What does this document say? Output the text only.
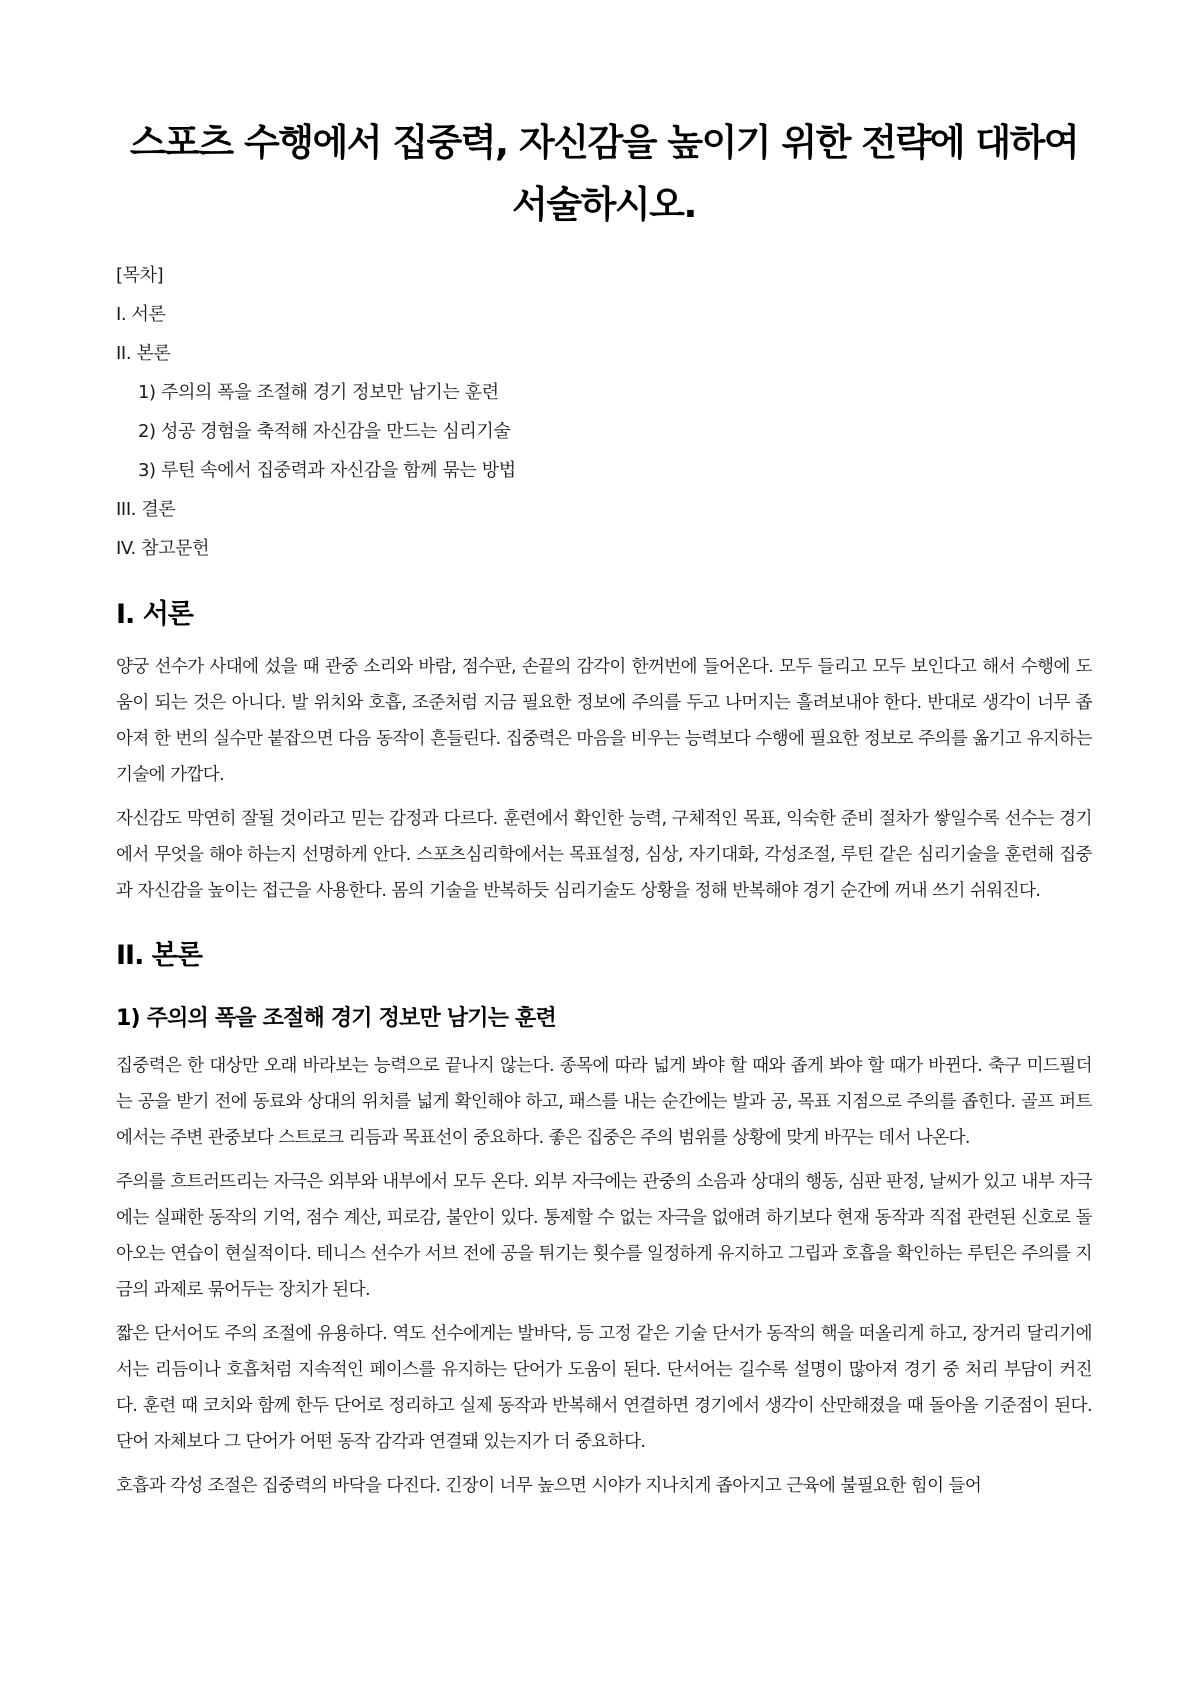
스포츠 수행에서 집중력, 자신감을 높이기 위한 전략에 대하여 서술하시오.
[목차]
I. 서론
II. 본론
1) 주의의 폭을 조절해 경기 정보만 남기는 훈련
2) 성공 경험을 축적해 자신감을 만드는 심리기술
3) 루틴 속에서 집중력과 자신감을 함께 묶는 방법
III. 결론
IV. 참고문헌
I. 서론

양궁 선수가 사대에 섰을 때 관중 소리와 바람, 점수판, 손끝의 감각이 한꺼번에 들어온다. 모두 들리고 모두 보인다고 해서 수행에 도움이 되는 것은 아니다. 발 위치와 호흡, 조준처럼 지금 필요한 정보에 주의를 두고 나머지는 흘려보내야 한다. 반대로 생각이 너무 좁아져 한 번의 실수만 붙잡으면 다음 동작이 흔들린다. 집중력은 마음을 비우는 능력보다 수행에 필요한 정보로 주의를 옮기고 유지하는 기술에 가깝다.

자신감도 막연히 잘될 것이라고 믿는 감정과 다르다. 훈련에서 확인한 능력, 구체적인 목표, 익숙한 준비 절차가 쌓일수록 선수는 경기에서 무엇을 해야 하는지 선명하게 안다. 스포츠심리학에서는 목표설정, 심상, 자기대화, 각성조절, 루틴 같은 심리기술을 훈련해 집중과 자신감을 높이는 접근을 사용한다. 몸의 기술을 반복하듯 심리기술도 상황을 정해 반복해야 경기 순간에 꺼내 쓰기 쉬워진다.

II. 본론
1) 주의의 폭을 조절해 경기 정보만 남기는 훈련

집중력은 한 대상만 오래 바라보는 능력으로 끝나지 않는다. 종목에 따라 넓게 봐야 할 때와 좁게 봐야 할 때가 바뀐다. 축구 미드필더는 공을 받기 전에 동료와 상대의 위치를 넓게 확인해야 하고, 패스를 내는 순간에는 발과 공, 목표 지점으로 주의를 좁힌다. 골프 퍼트에서는 주변 관중보다 스트로크 리듬과 목표선이 중요하다. 좋은 집중은 주의 범위를 상황에 맞게 바꾸는 데서 나온다.

주의를 흐트러뜨리는 자극은 외부와 내부에서 모두 온다. 외부 자극에는 관중의 소음과 상대의 행동, 심판 판정, 날씨가 있고 내부 자극에는 실패한 동작의 기억, 점수 계산, 피로감, 불안이 있다. 통제할 수 없는 자극을 없애려 하기보다 현재 동작과 직접 관련된 신호로 돌아오는 연습이 현실적이다. 테니스 선수가 서브 전에 공을 튀기는 횟수를 일정하게 유지하고 그립과 호흡을 확인하는 루틴은 주의를 지금의 과제로 묶어두는 장치가 된다.

짧은 단서어도 주의 조절에 유용하다. 역도 선수에게는 발바닥, 등 고정 같은 기술 단서가 동작의 핵을 떠올리게 하고, 장거리 달리기에서는 리듬이나 호흡처럼 지속적인 페이스를 유지하는 단어가 도움이 된다. 단서어는 길수록 설명이 많아져 경기 중 처리 부담이 커진다. 훈련 때 코치와 함께 한두 단어로 정리하고 실제 동작과 반복해서 연결하면 경기에서 생각이 산만해졌을 때 돌아올 기준점이 된다. 단어 자체보다 그 단어가 어떤 동작 감각과 연결돼 있는지가 더 중요하다.

호흡과 각성 조절은 집중력의 바닥을 다진다. 긴장이 너무 높으면 시야가 지나치게 좁아지고 근육에 불필요한 힘이 들어
